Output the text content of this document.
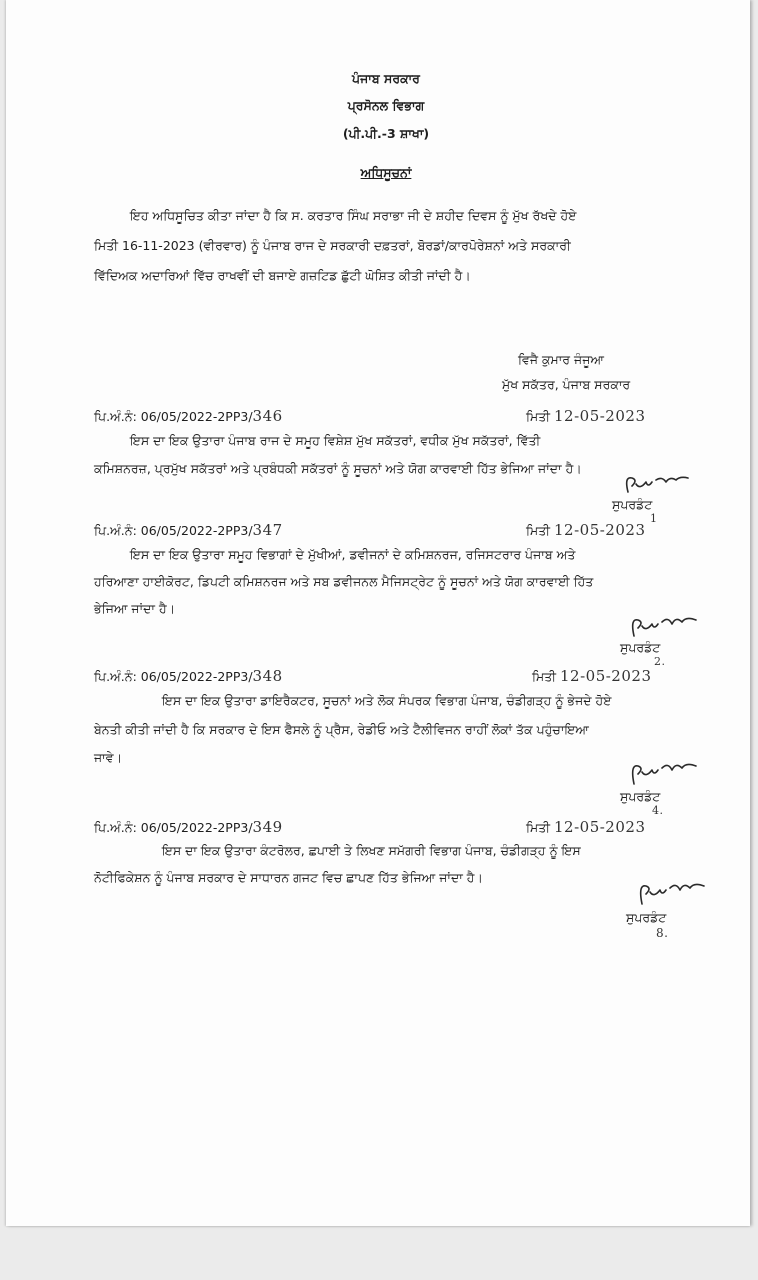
ਪੰਜਾਬ ਸਰਕਾਰ
ਪ੍ਰਸੋਨਲ ਵਿਭਾਗ
(ਪੀ.ਪੀ.-3 ਸ਼ਾਖਾ)
ਅਧਿਸੂਚਨਾਂ
ਇਹ ਅਧਿਸੂਚਿਤ ਕੀਤਾ ਜਾਂਦਾ ਹੈ ਕਿ ਸ. ਕਰਤਾਰ ਸਿੰਘ ਸਰਾਭਾ ਜੀ ਦੇ ਸ਼ਹੀਦ ਦਿਵਸ ਨੂੰ ਮੁੱਖ ਰੱਖਦੇ ਹੋਏ
ਮਿਤੀ 16-11-2023 (ਵੀਰਵਾਰ) ਨੂੰ ਪੰਜਾਬ ਰਾਜ ਦੇ ਸਰਕਾਰੀ ਦਫ਼ਤਰਾਂ, ਬੋਰਡਾਂ/ਕਾਰਪੋਰੇਸ਼ਨਾਂ ਅਤੇ ਸਰਕਾਰੀ
ਵਿੱਦਿਅਕ ਅਦਾਰਿਆਂ ਵਿੱਚ ਰਾਖਵੀਂ ਦੀ ਬਜਾਏ ਗਜ਼ਟਿਡ ਛੁੱਟੀ ਘੋਸ਼ਿਤ ਕੀਤੀ ਜਾਂਦੀ ਹੈ।
ਵਿਜੈ ਕੁਮਾਰ ਜੰਜੂਆ
ਮੁੱਖ ਸਕੱਤਰ, ਪੰਜਾਬ ਸਰਕਾਰ
ਪਿ.ਅੰ.ਨੰ: 06/05/2022-2PP3/346	ਮਿਤੀ 12-05-2023
ਇਸ ਦਾ ਇਕ ਉਤਾਰਾ ਪੰਜਾਬ ਰਾਜ ਦੇ ਸਮੂਹ ਵਿਸ਼ੇਸ਼ ਮੁੱਖ ਸਕੱਤਰਾਂ, ਵਧੀਕ ਮੁੱਖ ਸਕੱਤਰਾਂ, ਵਿੱਤੀ
ਕਮਿਸ਼ਨਰਜ਼, ਪ੍ਰਮੁੱਖ ਸਕੱਤਰਾਂ ਅਤੇ ਪ੍ਰਬੰਧਕੀ ਸਕੱਤਰਾਂ ਨੂੰ ਸੂਚਨਾਂ ਅਤੇ ਯੋਗ ਕਾਰਵਾਈ ਹਿੱਤ ਭੇਜਿਆ ਜਾਂਦਾ ਹੈ।
ਸੁਪਰਡੰਟ
1
ਪਿ.ਅੰ.ਨੰ: 06/05/2022-2PP3/347	ਮਿਤੀ 12-05-2023
ਇਸ ਦਾ ਇਕ ਉਤਾਰਾ ਸਮੂਹ ਵਿਭਾਗਾਂ ਦੇ ਮੁੱਖੀਆਂ, ਡਵੀਜਨਾਂ ਦੇ ਕਮਿਸ਼ਨਰਜ, ਰਜਿਸਟਰਾਰ ਪੰਜਾਬ ਅਤੇ
ਹਰਿਆਣਾ ਹਾਈਕੋਰਟ, ਡਿਪਟੀ ਕਮਿਸ਼ਨਰਜ ਅਤੇ ਸਬ ਡਵੀਜਨਲ ਮੈਜਿਸਟ੍ਰੇਟ ਨੂੰ ਸੂਚਨਾਂ ਅਤੇ ਯੋਗ ਕਾਰਵਾਈ ਹਿੱਤ
ਭੇਜਿਆ ਜਾਂਦਾ ਹੈ।
ਸੁਪਰਡੰਟ
2.
ਪਿ.ਅੰ.ਨੰ: 06/05/2022-2PP3/348	ਮਿਤੀ 12-05-2023
ਇਸ ਦਾ ਇਕ ਉਤਾਰਾ ਡਾਇਰੈਕਟਰ, ਸੂਚਨਾਂ ਅਤੇ ਲੋਕ ਸੰਪਰਕ ਵਿਭਾਗ ਪੰਜਾਬ, ਚੰਡੀਗੜ੍ਹ ਨੂੰ ਭੇਜਦੇ ਹੋਏ
ਬੇਨਤੀ ਕੀਤੀ ਜਾਂਦੀ ਹੈ ਕਿ ਸਰਕਾਰ ਦੇ ਇਸ ਫੈਸਲੇ ਨੂੰ ਪ੍ਰੈਸ, ਰੇਡੀਓ ਅਤੇ ਟੈਲੀਵਿਜਨ ਰਾਹੀਂ ਲੋਕਾਂ ਤੱਕ ਪਹੁੰਚਾਇਆ
ਜਾਵੇ।
ਸੁਪਰਡੰਟ
4.
ਪਿ.ਅੰ.ਨੰ: 06/05/2022-2PP3/349	ਮਿਤੀ 12-05-2023
ਇਸ ਦਾ ਇਕ ਉਤਾਰਾ ਕੰਟਰੋਲਰ, ਛਪਾਈ ਤੇ ਲਿਖਣ ਸਮੱਗਰੀ ਵਿਭਾਗ ਪੰਜਾਬ, ਚੰਡੀਗੜ੍ਹ ਨੂੰ ਇਸ
ਨੋਟੀਫਿਕੇਸ਼ਨ ਨੂੰ ਪੰਜਾਬ ਸਰਕਾਰ ਦੇ ਸਾਧਾਰਨ ਗਜਟ ਵਿਚ ਛਾਪਣ ਹਿੱਤ ਭੇਜਿਆ ਜਾਂਦਾ ਹੈ।
ਸੁਪਰਡੰਟ
8.
